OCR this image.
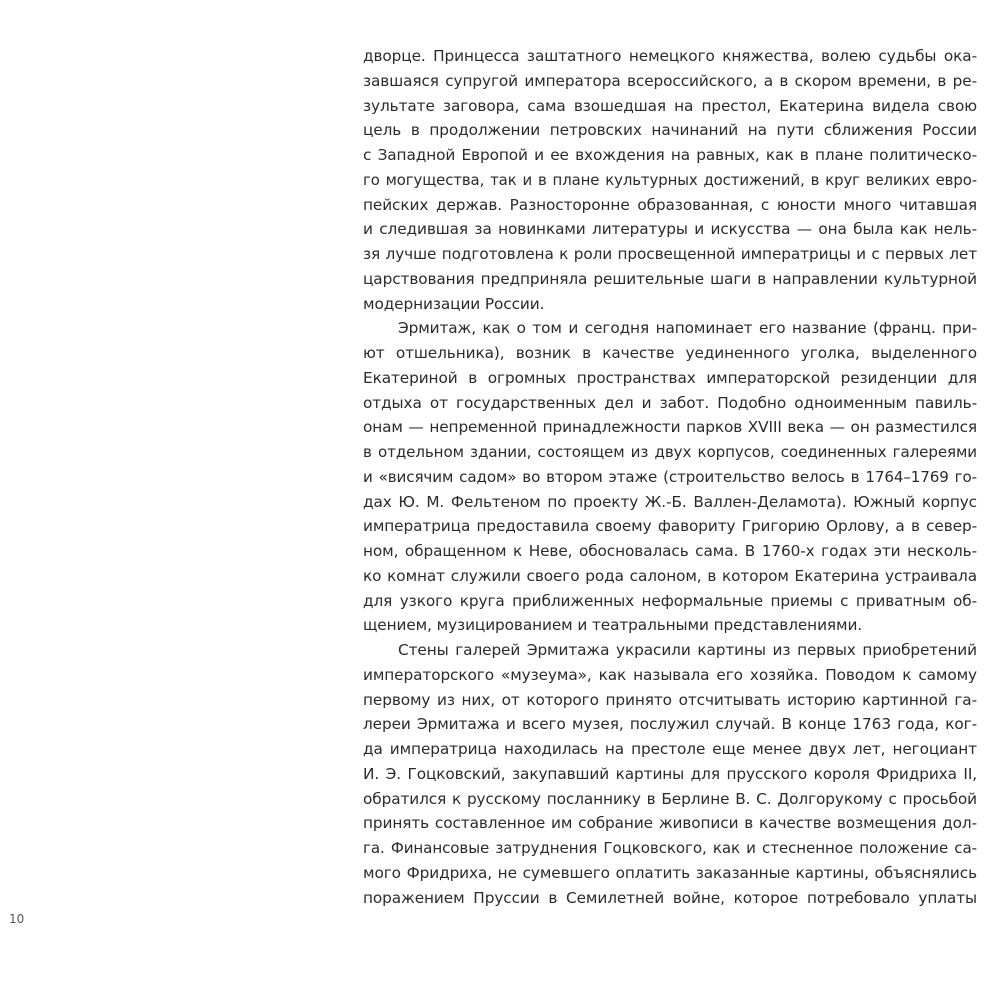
дворце. Принцесса заштатного немецкого княжества, волею судьбы ока-
завшаяся супругой императора всероссийского, а в скором времени, в ре-
зультате заговора, сама взошедшая на престол, Екатерина видела свою
цель в продолжении петровских начинаний на пути сближения России
с Западной Европой и ее вхождения на равных, как в плане политическо-
го могущества, так и в плане культурных достижений, в круг великих евро-
пейских держав. Разносторонне образованная, с юности много читавшая
и следившая за новинками литературы и искусства — она была как нель-
зя лучше подготовлена к роли просвещенной императрицы и с первых лет
царствования предприняла решительные шаги в направлении культурной
модернизации России.
Эрмитаж, как о том и сегодня напоминает его название (франц. при-
ют отшельника), возник в качестве уединенного уголка, выделенного
Екатериной в огромных пространствах императорской резиденции для
отдыха от государственных дел и забот. Подобно одноименным павиль-
онам — непременной принадлежности парков XVIII века — он разместился
в отдельном здании, состоящем из двух корпусов, соединенных галереями
и «висячим садом» во втором этаже (строительство велось в 1764–1769 го-
дах Ю. М. Фельтеном по проекту Ж.-Б. Валлен-Деламота). Южный корпус
императрица предоставила своему фавориту Григорию Орлову, а в север-
ном, обращенном к Неве, обосновалась сама. В 1760-х годах эти несколь-
ко комнат служили своего рода салоном, в котором Екатерина устраивала
для узкого круга приближенных неформальные приемы с приватным об-
щением, музицированием и театральными представлениями.
Стены галерей Эрмитажа украсили картины из первых приобретений
императорского «музеума», как называла его хозяйка. Поводом к самому
первому из них, от которого принято отсчитывать историю картинной га-
лереи Эрмитажа и всего музея, послужил случай. В конце 1763 года, ког-
да императрица находилась на престоле еще менее двух лет, негоциант
И. Э. Гоцковский, закупавший картины для прусского короля Фридриха II,
обратился к русскому посланнику в Берлине В. С. Долгорукому с просьбой
принять составленное им собрание живописи в качестве возмещения дол-
га. Финансовые затруднения Гоцковского, как и стесненное положение са-
мого Фридриха, не сумевшего оплатить заказанные картины, объяснялись
поражением Пруссии в Семилетней войне, которое потребовало уплаты
10
